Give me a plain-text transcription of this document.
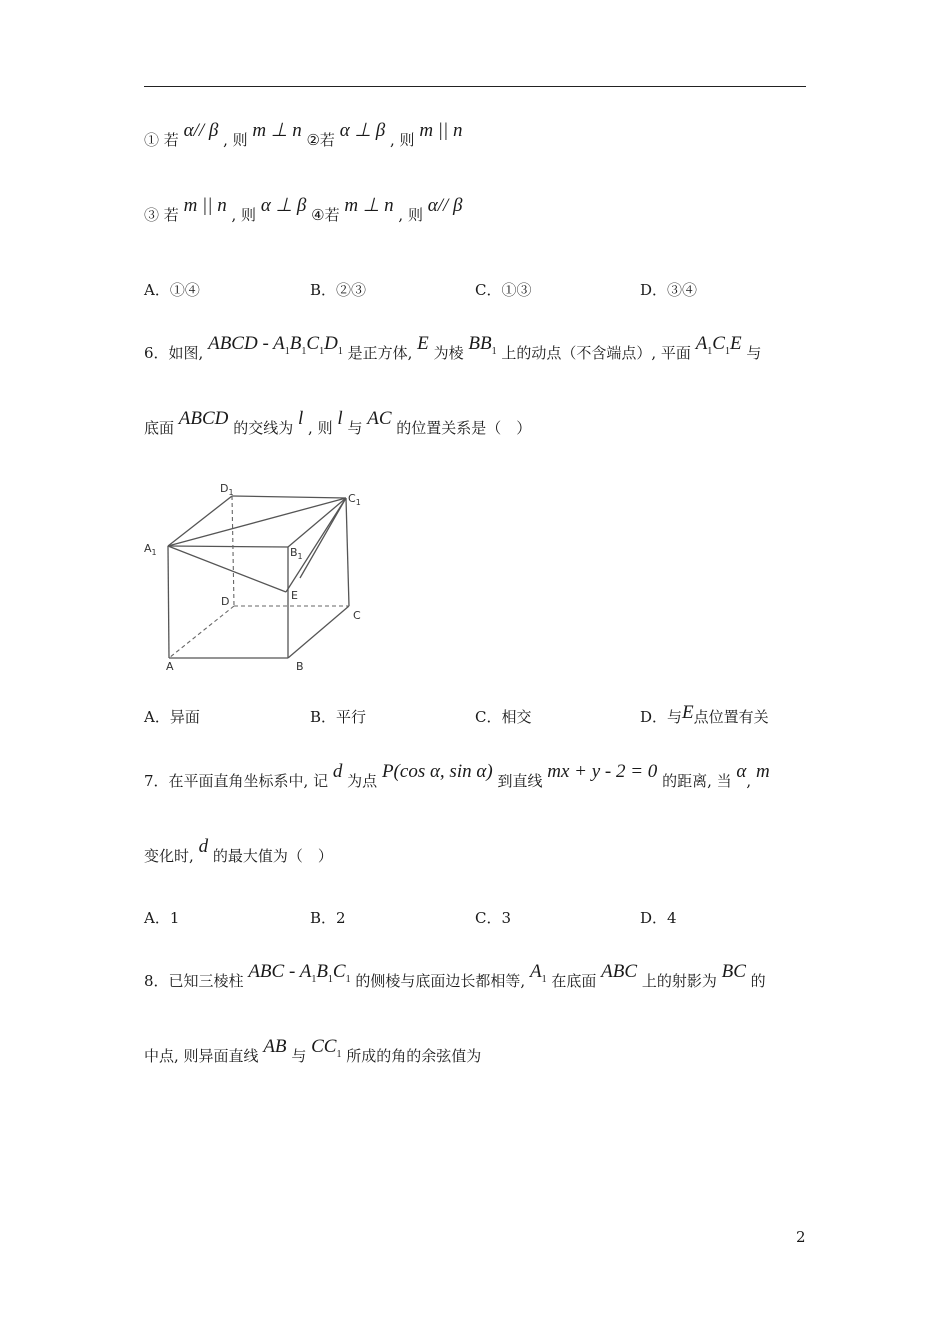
① 若 α// β , 则 m ⊥ n ②若 α ⊥ β , 则 m || n
③ 若 m || n , 则 α ⊥ β ④若 m ⊥ n , 则 α// β
A．①④	B．②③	C．①③	D．③④
6．如图, ABCD - $A_1B_1C_1D_1$ 是正方体, E 为棱 $BB_1$ 上的动点（不含端点）, 平面 $A_1C_1E$ 与
底面 ABCD 的交线为 l , 则 l 与 AC 的位置关系是（　）
$D_1$	$C_1$
$A_1$	$B_1$
D	E
C
A	B
A．异面	B．平行	C．相交	D．与E点位置有关
7．在平面直角坐标系中, 记 d 为点 P(cos α, sin α) 到直线 mx + y - 2 = 0 的距离, 当 α, m
变化时, d 的最大值为（　）
A．1	B．2	C．3	D．4
8．已知三棱柱 ABC - $A_1B_1C_1$ 的侧棱与底面边长都相等, $A_1$ 在底面 ABC 上的射影为 BC 的
中点, 则异面直线 AB 与 $CC_1$ 所成的角的余弦值为
2
